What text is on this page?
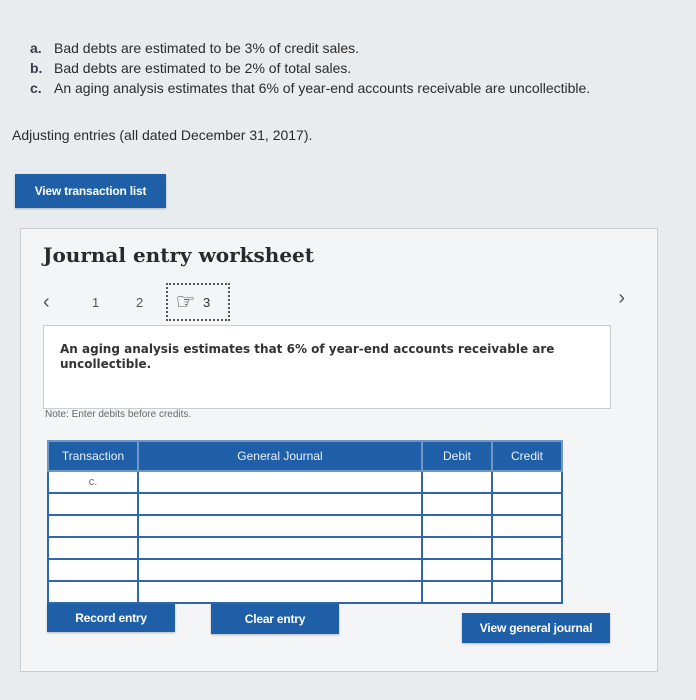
a. Bad debts are estimated to be 3% of credit sales.
b. Bad debts are estimated to be 2% of total sales.
c. An aging analysis estimates that 6% of year-end accounts receivable are uncollectible.
Adjusting entries (all dated December 31, 2017).
View transaction list
Journal entry worksheet
‹	1	2	3
☞	›
An aging analysis estimates that 6% of year-end accounts receivable are uncollectible.
Note: Enter debits before credits.
Transaction	General Journal	Debit	Credit
c.			

Record entry	Clear entry
View general journal
